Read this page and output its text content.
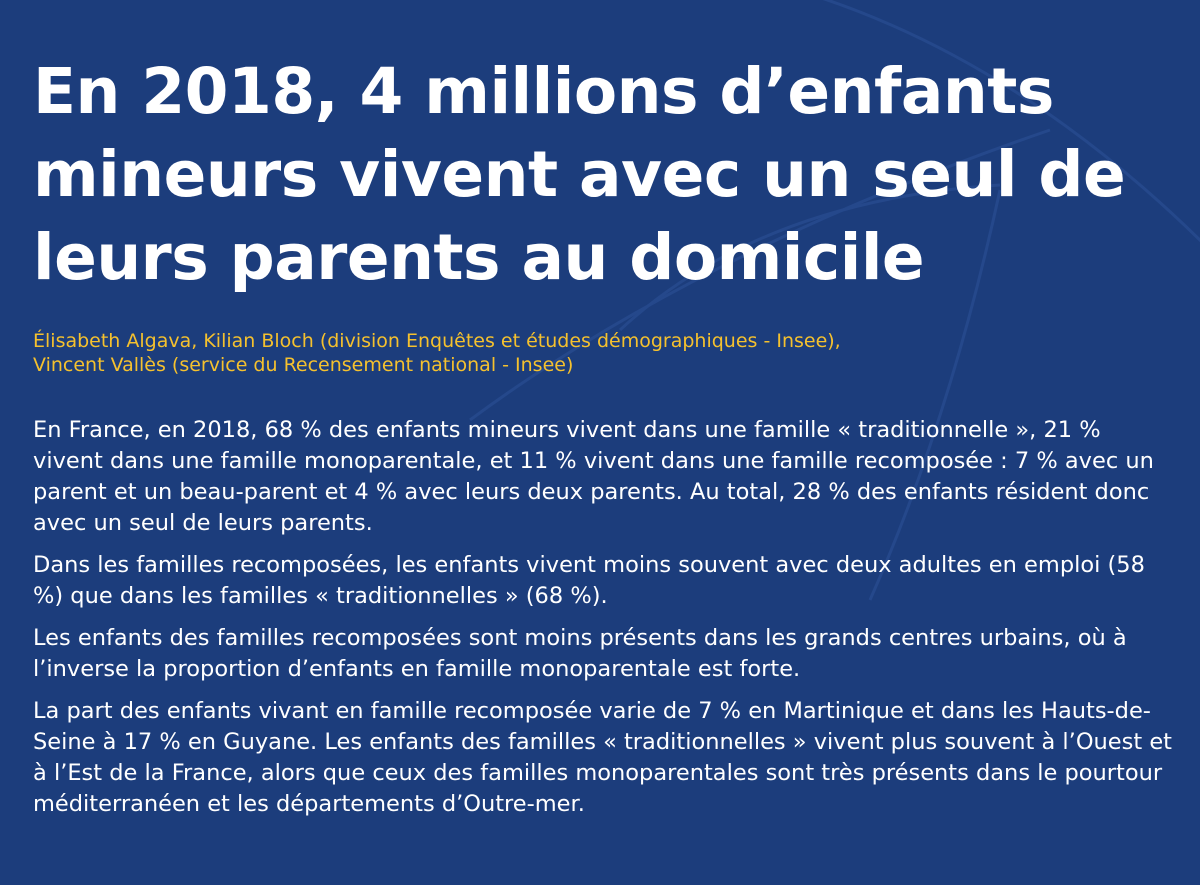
En 2018, 4 millions d’enfants mineurs vivent avec un seul de leurs parents au domicile
Élisabeth Algava, Kilian Bloch (division Enquêtes et études démographiques - Insee),
Vincent Vallès (service du Recensement national - Insee)

En France, en 2018, 68 % des enfants mineurs vivent dans une famille « traditionnelle », 21 % vivent dans une famille monoparentale, et 11 % vivent dans une famille recomposée : 7 % avec un parent et un beau-parent et 4 % avec leurs deux parents. Au total, 28 % des enfants résident donc avec un seul de leurs parents.

Dans les familles recomposées, les enfants vivent moins souvent avec deux adultes en emploi (58 %) que dans les familles « traditionnelles » (68 %).

Les enfants des familles recomposées sont moins présents dans les grands centres urbains, où à l’inverse la proportion d’enfants en famille monoparentale est forte.

La part des enfants vivant en famille recomposée varie de 7 % en Martinique et dans les Hauts-de-Seine à 17 % en Guyane. Les enfants des familles « traditionnelles » vivent plus souvent à l’Ouest et à l’Est de la France, alors que ceux des familles monoparentales sont très présents dans le pourtour méditerranéen et les départements d’Outre-mer.
